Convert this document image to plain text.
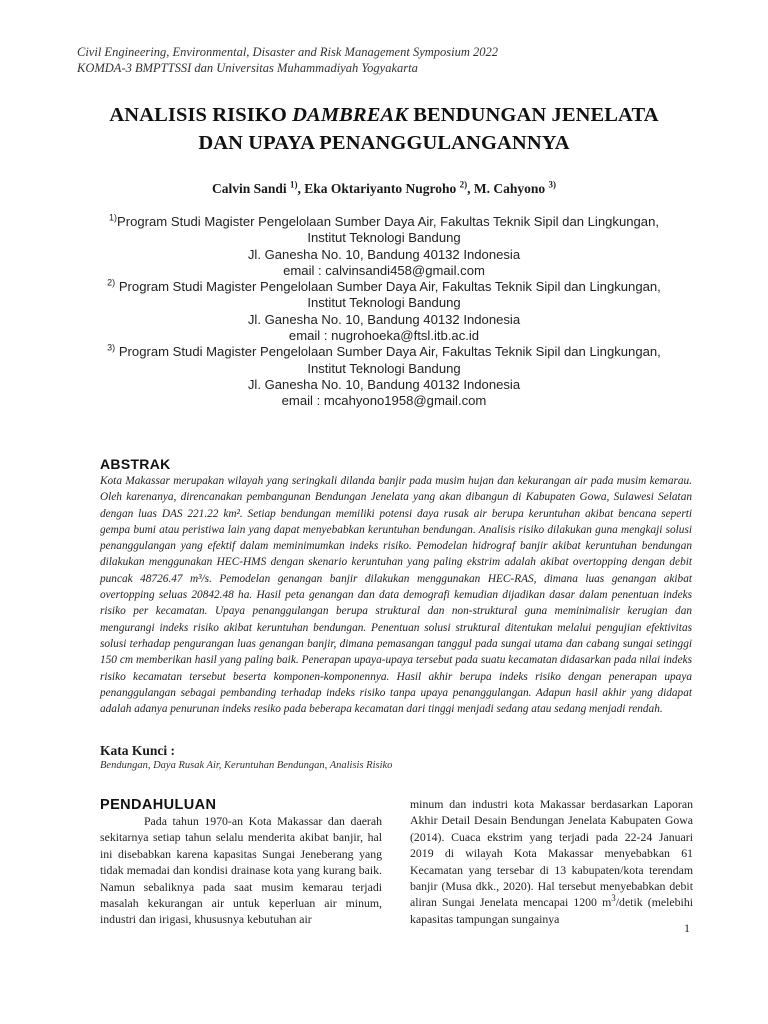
Civil Engineering, Environmental, Disaster and Risk Management Symposium 2022
KOMDA-3 BMPTTSSI dan Universitas Muhammadiyah Yogyakarta
ANALISIS RISIKO DAMBREAK BENDUNGAN JENELATA
DAN UPAYA PENANGGULANGANNYA
Calvin Sandi $^{1)}$, Eka Oktariyanto Nugroho $^{2)}$, M. Cahyono $^{3)}$
$^{1)}$Program Studi Magister Pengelolaan Sumber Daya Air, Fakultas Teknik Sipil dan Lingkungan,
Institut Teknologi Bandung
Jl. Ganesha No. 10, Bandung 40132 Indonesia
email : calvinsandi458@gmail.com
$^{2)}$ Program Studi Magister Pengelolaan Sumber Daya Air, Fakultas Teknik Sipil dan Lingkungan,
Institut Teknologi Bandung
Jl. Ganesha No. 10, Bandung 40132 Indonesia
email : nugrohoeka@ftsl.itb.ac.id
$^{3)}$ Program Studi Magister Pengelolaan Sumber Daya Air, Fakultas Teknik Sipil dan Lingkungan,
Institut Teknologi Bandung
Jl. Ganesha No. 10, Bandung 40132 Indonesia
email : mcahyono1958@gmail.com
ABSTRAK
Kota Makassar merupakan wilayah yang seringkali dilanda banjir pada musim hujan dan kekurangan air pada musim kemarau. Oleh karenanya, direncanakan pembangunan Bendungan Jenelata yang akan dibangun di Kabupaten Gowa, Sulawesi Selatan dengan luas DAS 221.22 km². Setiap bendungan memiliki potensi daya rusak air berupa keruntuhan akibat bencana seperti gempa bumi atau peristiwa lain yang dapat menyebabkan keruntuhan bendungan. Analisis risiko dilakukan guna mengkaji solusi penanggulangan yang efektif dalam meminimumkan indeks risiko. Pemodelan hidrograf banjir akibat keruntuhan bendungan dilakukan menggunakan HEC-HMS dengan skenario keruntuhan yang paling ekstrim adalah akibat overtopping dengan debit puncak 48726.47 m³/s. Pemodelan genangan banjir dilakukan menggunakan HEC-RAS, dimana luas genangan akibat overtopping seluas 20842.48 ha. Hasil peta genangan dan data demografi kemudian dijadikan dasar dalam penentuan indeks risiko per kecamatan. Upaya penanggulangan berupa struktural dan non-struktural guna meminimalisir kerugian dan mengurangi indeks risiko akibat keruntuhan bendungan. Penentuan solusi struktural ditentukan melalui pengujian efektivitas solusi terhadap pengurangan luas genangan banjir, dimana pemasangan tanggul pada sungai utama dan cabang sungai setinggi 150 cm memberikan hasil yang paling baik. Penerapan upaya-upaya tersebut pada suatu kecamatan didasarkan pada nilai indeks risiko kecamatan tersebut beserta komponen-komponennya. Hasil akhir berupa indeks risiko dengan penerapan upaya penanggulangan sebagai pembanding terhadap indeks risiko tanpa upaya penanggulangan. Adapun hasil akhir yang didapat adalah adanya penurunan indeks resiko pada beberapa kecamatan dari tinggi menjadi sedang atau sedang menjadi rendah.
Kata Kunci :
Bendungan, Daya Rusak Air, Keruntuhan Bendungan, Analisis Risiko
PENDAHULUAN

Pada tahun 1970-an Kota Makassar dan daerah sekitarnya setiap tahun selalu menderita akibat banjir, hal ini disebabkan karena kapasitas Sungai Jeneberang yang tidak memadai dan kondisi drainase kota yang kurang baik. Namun sebaliknya pada saat musim kemarau terjadi masalah kekurangan air untuk keperluan air minum, industri dan irigasi, khususnya kebutuhan air

minum dan industri kota Makassar berdasarkan Laporan Akhir Detail Desain Bendungan Jenelata Kabupaten Gowa (2014). Cuaca ekstrim yang terjadi pada 22-24 Januari 2019 di wilayah Kota Makassar menyebabkan 61 Kecamatan yang tersebar di 13 kabupaten/kota terendam banjir (Musa dkk., 2020). Hal tersebut menyebabkan debit aliran Sungai Jenelata mencapai 1200 $m^3$/detik (melebihi kapasitas tampungan sungainya

1
